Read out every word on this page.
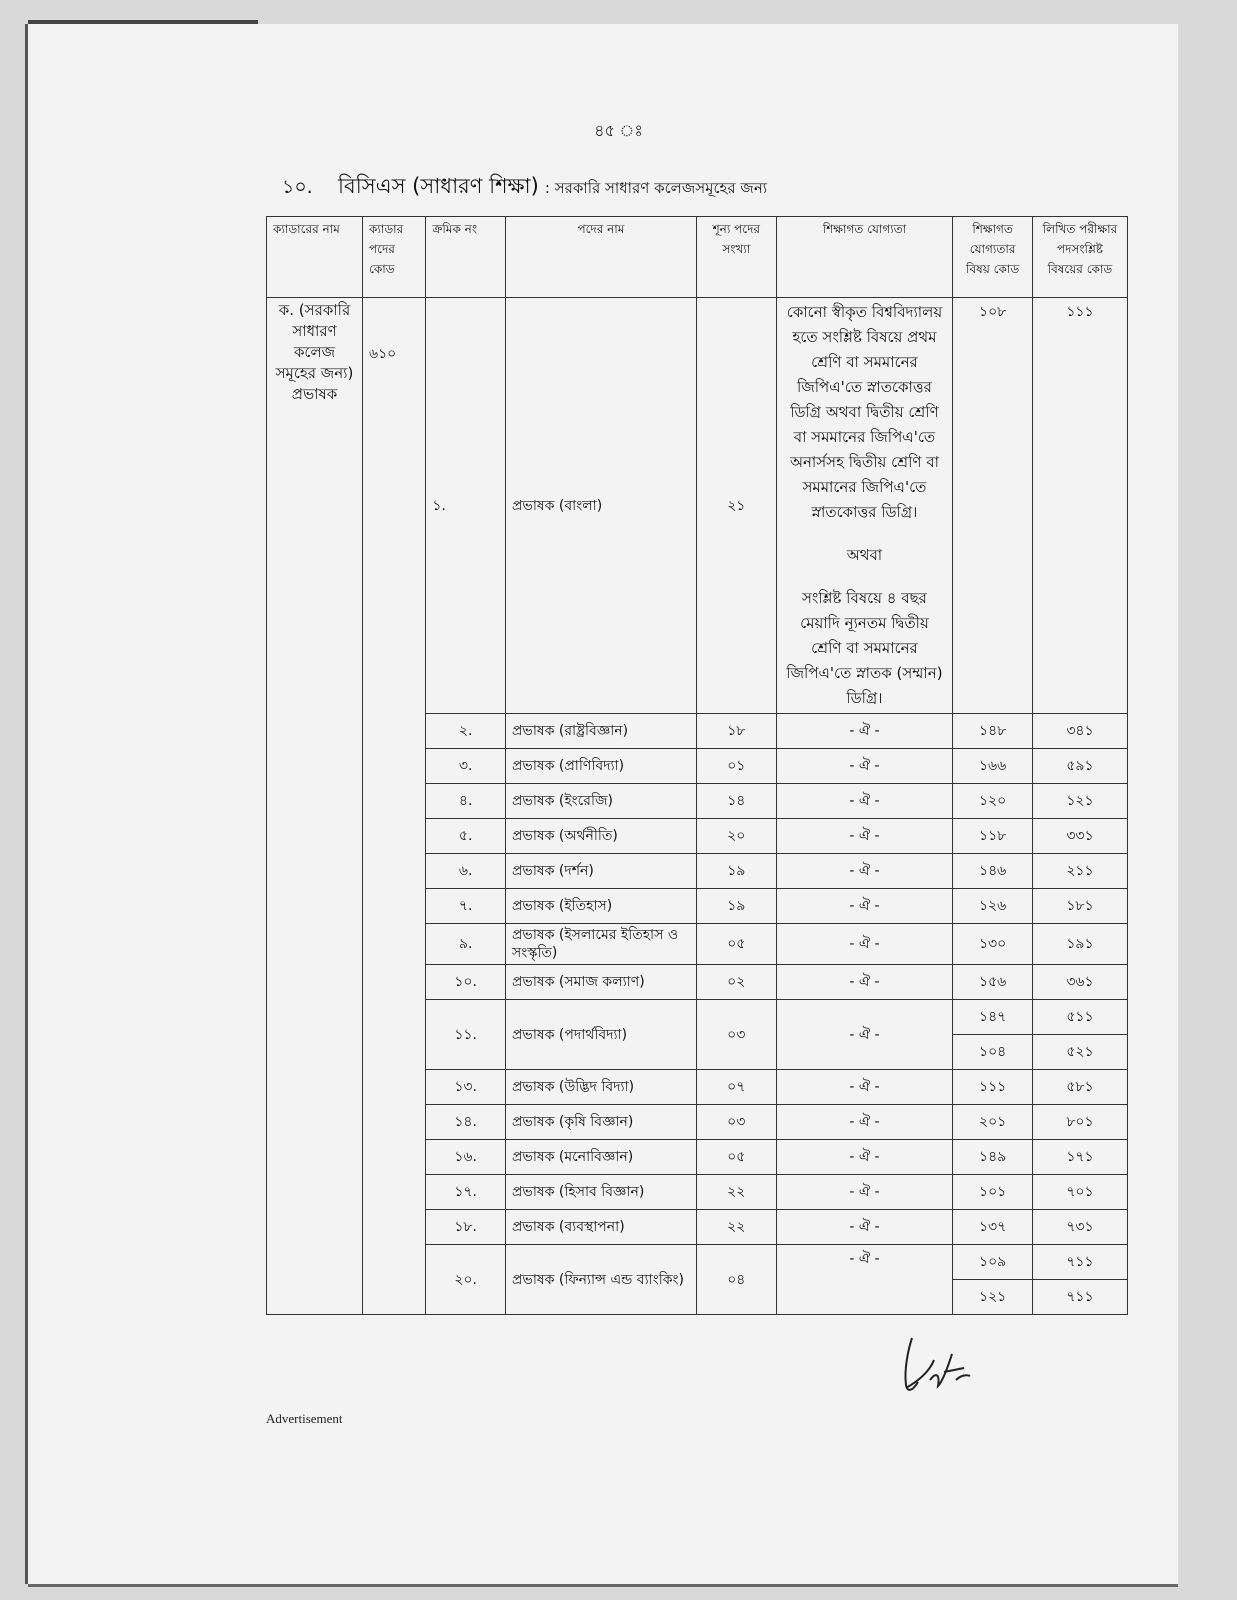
৪৫ ঃ
১০. বিসিএস (সাধারণ শিক্ষা) : সরকারি সাধারণ কলেজসমূহের জন্য
ক্যাডারের নাম	ক্যাডার পদের কোড	ক্রমিক নং	পদের নাম	শূন্য পদের সংখ্যা	শিক্ষাগত যোগ্যতা	শিক্ষাগত যোগ্যতার বিষয় কোড	লিখিত পরীক্ষার পদসংশ্লিষ্ট বিষয়ের কোড
ক. (সরকারি সাধারণ কলেজ সমূহের জন্য) প্রভাষক	৬১০	১.	প্রভাষক (বাংলা)	২১	কোনো স্বীকৃত বিশ্ববিদ্যালয় হতে সংশ্লিষ্ট বিষয়ে প্রথম শ্রেণি বা সমমানের জিপিএ'তে স্নাতকোত্তর ডিগ্রি অথবা দ্বিতীয় শ্রেণি বা সমমানের জিপিএ'তে অনার্সসহ দ্বিতীয় শ্রেণি বা সমমানের জিপিএ'তে স্নাতকোত্তর ডিগ্রি।
অথবা
সংশ্লিষ্ট বিষয়ে ৪ বছর মেয়াদি ন্যূনতম দ্বিতীয় শ্রেণি বা সমমানের জিপিএ'তে স্নাতক (সম্মান) ডিগ্রি।	১০৮	১১১
		২.	প্রভাষক (রাষ্ট্রবিজ্ঞান)	১৮	- ঐ -	১৪৮	৩৪১
		৩.	প্রভাষক (প্রাণিবিদ্যা)	০১	- ঐ -	১৬৬	৫৯১
		৪.	প্রভাষক (ইংরেজি)	১৪	- ঐ -	১২০	১২১
		৫.	প্রভাষক (অর্থনীতি)	২০	- ঐ -	১১৮	৩৩১
		৬.	প্রভাষক (দর্শন)	১৯	- ঐ -	১৪৬	২১১
		৭.	প্রভাষক (ইতিহাস)	১৯	- ঐ -	১২৬	১৮১
		৯.	প্রভাষক (ইসলামের ইতিহাস ও সংস্কৃতি)	০৫	- ঐ -	১৩০	১৯১
		১০.	প্রভাষক (সমাজ কল্যাণ)	০২	- ঐ -	১৫৬	৩৬১
		১১.	প্রভাষক (পদার্থবিদ্যা)	০৩	- ঐ -	১৪৭	৫১১
						১০৪	৫২১
		১৩.	প্রভাষক (উদ্ভিদ বিদ্যা)	০৭	- ঐ -	১১১	৫৮১
		১৪.	প্রভাষক (কৃষি বিজ্ঞান)	০৩	- ঐ -	২০১	৮০১
		১৬.	প্রভাষক (মনোবিজ্ঞান)	০৫	- ঐ -	১৪৯	১৭১
		১৭.	প্রভাষক (হিসাব বিজ্ঞান)	২২	- ঐ -	১০১	৭০১
		১৮.	প্রভাষক (ব্যবস্থাপনা)	২২	- ঐ -	১৩৭	৭৩১
		২০.	প্রভাষক (ফিন্যান্স এন্ড ব্যাংকিং)	০৪	- ঐ -	১০৯	৭১১
						১২১	৭১১
Advertisement
